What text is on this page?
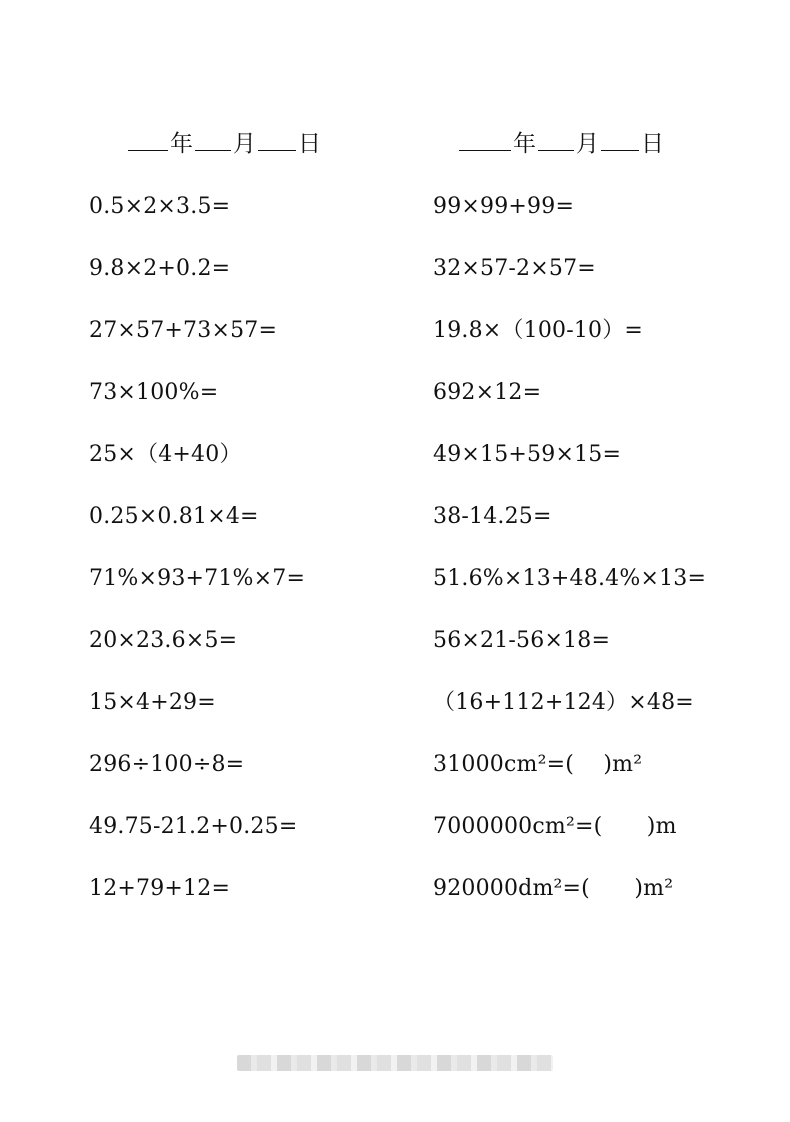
年 月 日	年 月 日
0.5×2×3.5=
9.8×2+0.2=
27×57+73×57=
73×100%=
25×（4+40）
0.25×0.81×4=
71%×93+71%×7=
20×23.6×5=
15×4+29=
296÷100÷8=
49.75-21.2+0.25=
12+79+12=
99×99+99=
32×57-2×57=
19.8×（100-10）=
692×12=
49×15+59×15=
38-14.25=
51.6%×13+48.4%×13=
56×21-56×18=
（16+112+124）×48=
31000cm²=(　 )m²
7000000cm²=(　　)m
920000dm²=(　　)m²
